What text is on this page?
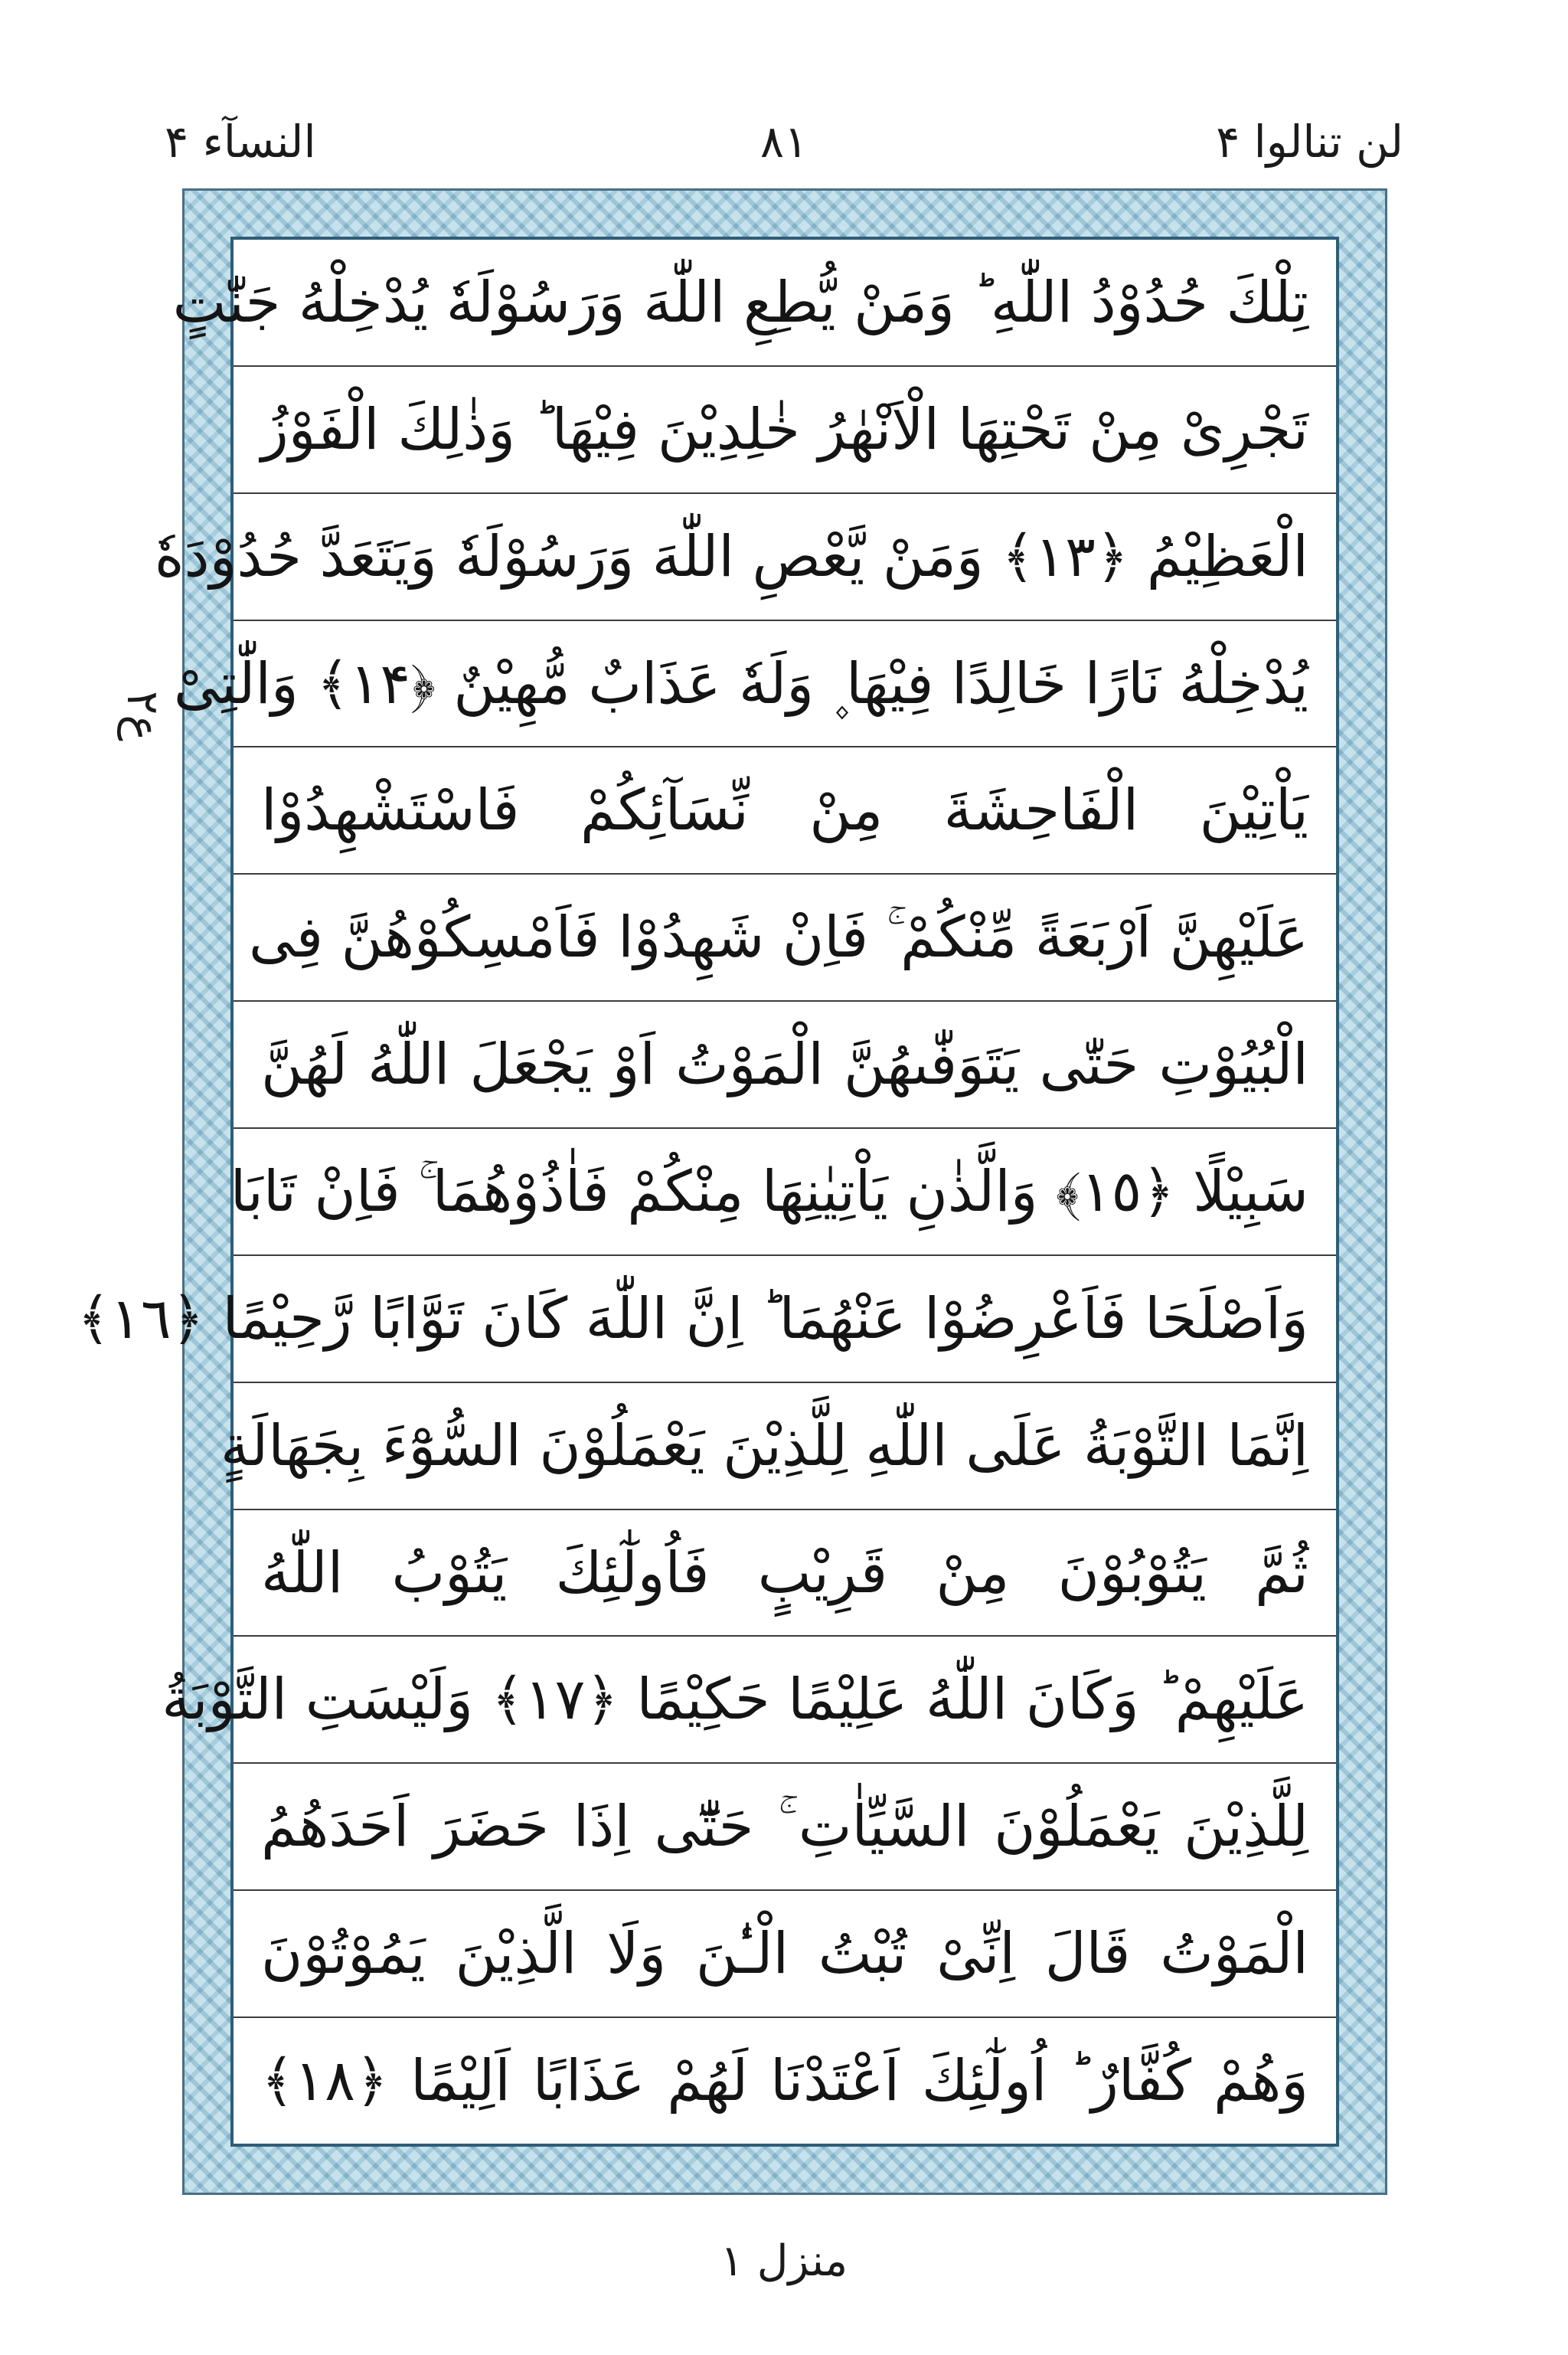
لن تنالوا ۴
٨١
النسآء ۴
ع۲
تِلْكَ حُدُوْدُ اللّٰهِ ؕ وَمَنْ يُّطِعِ اللّٰهَ وَرَسُوْلَهٗ يُدْخِلْهُ جَنّٰتٍ
تَجْرِىْ مِنْ تَحْتِهَا الْاَنْهٰرُ خٰلِدِيْنَ فِيْهَا ؕ وَذٰلِكَ الْفَوْزُ
الْعَظِيْمُ ﴿١٣﴾ وَمَنْ يَّعْصِ اللّٰهَ وَرَسُوْلَهٗ وَيَتَعَدَّ حُدُوْدَهٗ
يُدْخِلْهُ نَارًا خَالِدًا فِيْهَا ۪ وَلَهٗ عَذَابٌ مُّهِيْنٌ ﴿١۴﴾ وَالّٰتِىْ
يَاْتِيْنَ الْفَاحِشَةَ مِنْ نِّسَآئِكُمْ فَاسْتَشْهِدُوْا
عَلَيْهِنَّ اَرْبَعَةً مِّنْكُمْ ۚ فَاِنْ شَهِدُوْا فَاَمْسِكُوْهُنَّ فِى
الْبُيُوْتِ حَتّٰى يَتَوَفّٰىهُنَّ الْمَوْتُ اَوْ يَجْعَلَ اللّٰهُ لَهُنَّ
سَبِيْلًا ﴿١٥﴾ وَالَّذٰنِ يَاْتِيٰنِهَا مِنْكُمْ فَاٰذُوْهُمَا ۚ فَاِنْ تَابَا
وَاَصْلَحَا فَاَعْرِضُوْا عَنْهُمَا ؕ اِنَّ اللّٰهَ كَانَ تَوَّابًا رَّحِيْمًا ﴿١٦﴾
اِنَّمَا التَّوْبَةُ عَلَى اللّٰهِ لِلَّذِيْنَ يَعْمَلُوْنَ السُّوْٓءَ بِجَهَالَةٍ
ثُمَّ يَتُوْبُوْنَ مِنْ قَرِيْبٍ فَاُولٰٓئِكَ يَتُوْبُ اللّٰهُ
عَلَيْهِمْ ؕ وَكَانَ اللّٰهُ عَلِيْمًا حَكِيْمًا ﴿١٧﴾ وَلَيْسَتِ التَّوْبَةُ
لِلَّذِيْنَ يَعْمَلُوْنَ السَّيِّاٰتِ ۚ حَتّٰٓى اِذَا حَضَرَ اَحَدَهُمُ
الْمَوْتُ قَالَ اِنِّىْ تُبْتُ الْـٰٔنَ وَلَا الَّذِيْنَ يَمُوْتُوْنَ
وَهُمْ كُفَّارٌ ؕ اُولٰٓئِكَ اَعْتَدْنَا لَهُمْ عَذَابًا اَلِيْمًا ﴿١٨﴾
منزل ۱
